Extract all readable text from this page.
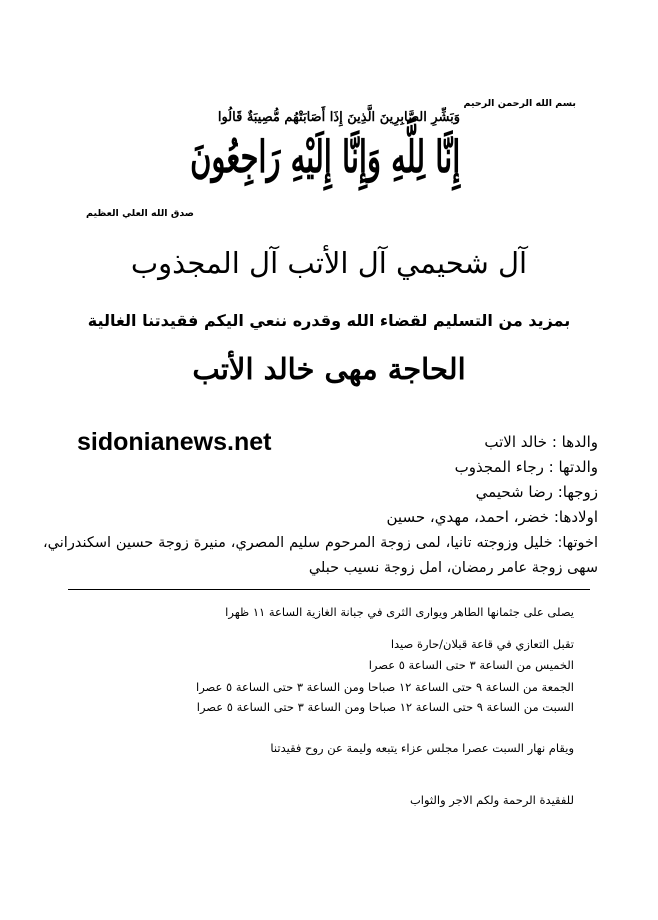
بسم الله الرحمن الرحيم
وَبَشِّرِ الصَّابِرِينَ الَّذِينَ إِذَا أَصَابَتْهُم مُّصِيبَةٌ قَالُوا
إِنَّا لِلَّهِ وَإِنَّا إِلَيْهِ رَاجِعُونَ
صدق الله العلي العظيم
آل شحيمي آل الأتب آل المجذوب
بمزيد من التسليم لقضاء الله وقدره ننعي اليكم فقيدتنا الغالية
الحاجة مهى خالد الأتب
والدها : خالد الاتب
والدتها : رجاء المجذوب
زوجها: رضا شحيمي
اولادها: خضر، احمد، مهدي، حسين
اخوتها: خليل وزوجته تانيا، لمى زوجة المرحوم سليم المصري، منيرة زوجة حسين اسكندراني، سهى زوجة عامر رمضان، امل زوجة نسيب حبلي
sidonianews.net
يصلى على جثمانها الطاهر ويوارى الثرى في جبانة الغازية الساعة ١١ ظهرا
تقبل التعازي في قاعة قبلان/حارة صيدا
الخميس من الساعة ٣ حتى الساعة ٥ عصرا
الجمعة من الساعة ٩ حتى الساعة ١٢ صباحا ومن الساعة ٣ حتى الساعة ٥ عصرا
السبت من الساعة ٩ حتى الساعة ١٢ صباحا ومن الساعة ٣ حتى الساعة ٥ عصرا
ويقام نهار السبت عصرا مجلس عزاء يتبعه وليمة عن روح فقيدتنا
للفقيدة الرحمة ولكم الاجر والثواب
